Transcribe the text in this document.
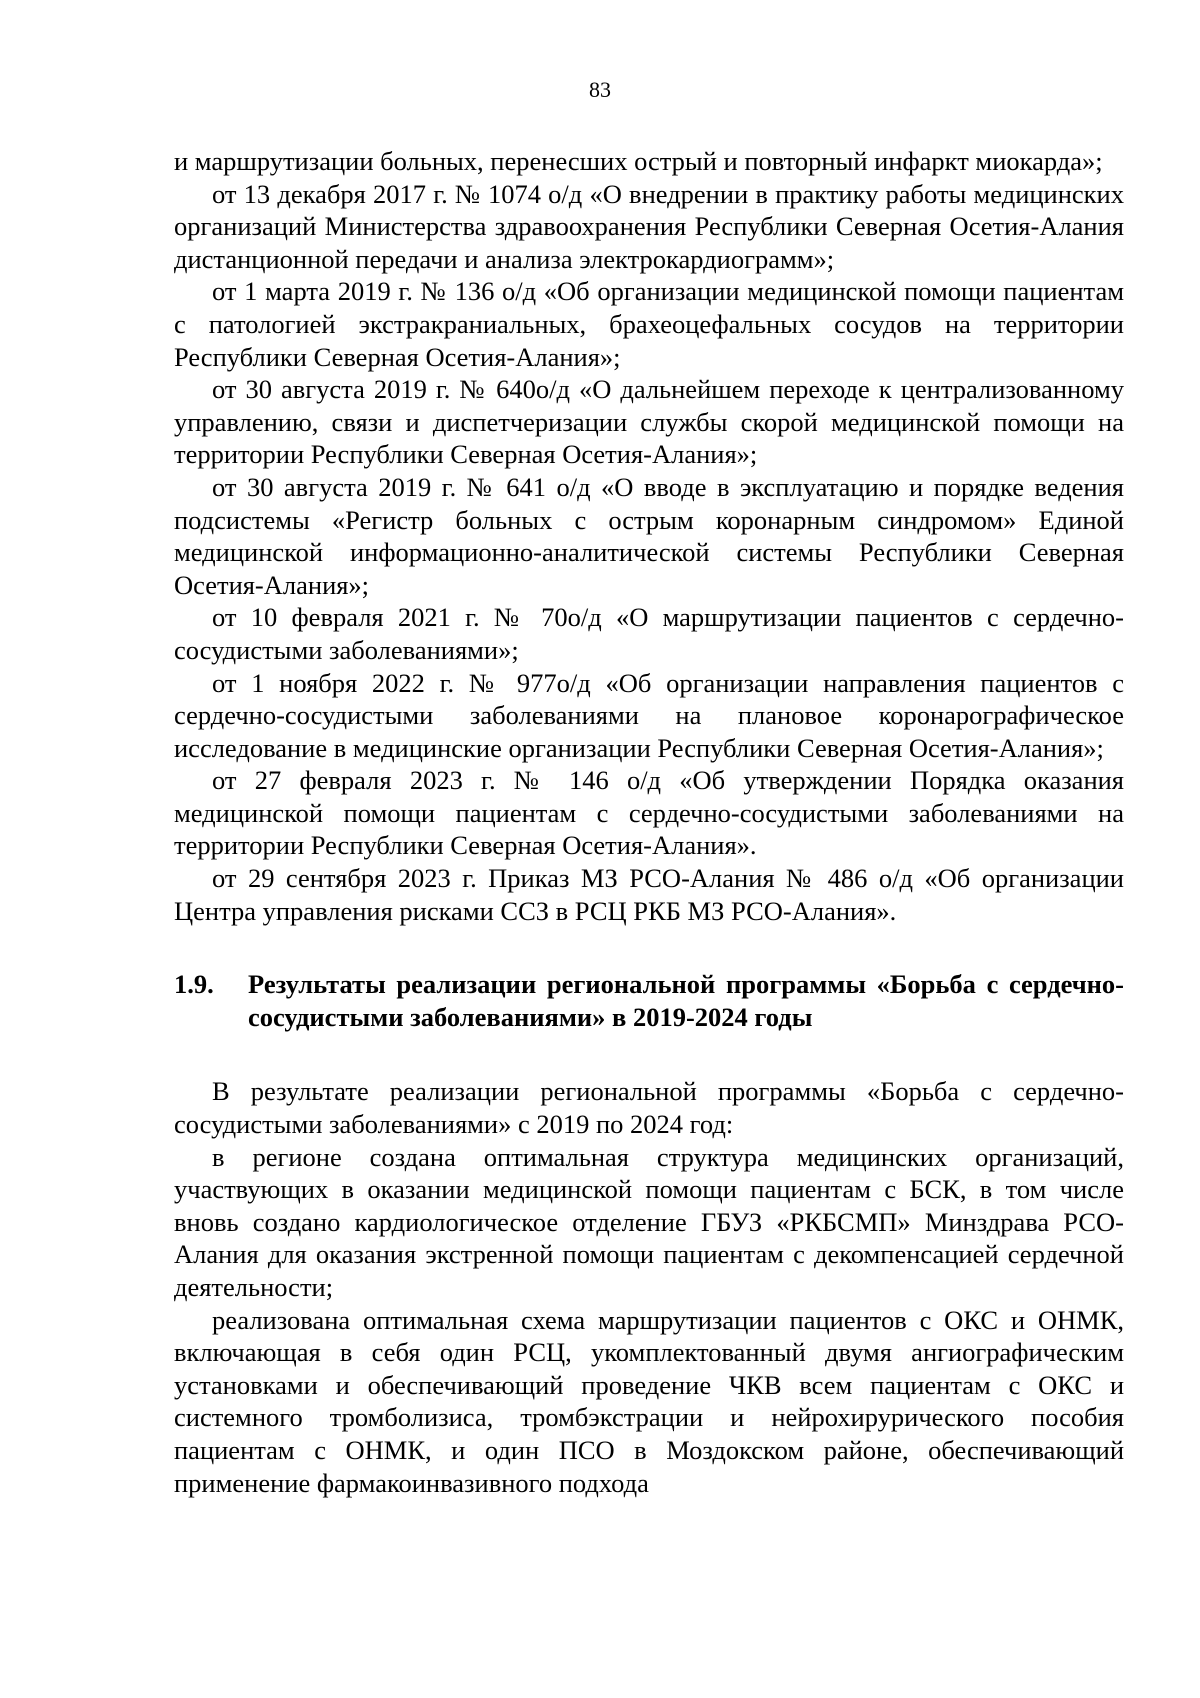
83

и маршрутизации больных, перенесших острый и повторный инфаркт миокарда»;

от 13 декабря 2017 г. № 1074 о/д «О внедрении в практику работы медицинских организаций Министерства здравоохранения Республики Северная Осетия-Алания дистанционной передачи и анализа электрокардиограмм»;

от 1 марта 2019 г. № 136 о/д «Об организации медицинской помощи пациентам с патологией экстракраниальных, брахеоцефальных сосудов на территории Республики Северная Осетия-Алания»;

от 30 августа 2019 г. № 640о/д «О дальнейшем переходе к централизованному управлению, связи и диспетчеризации службы скорой медицинской помощи на территории Республики Северная Осетия-Алания»;

от 30 августа 2019 г. № 641 о/д «О вводе в эксплуатацию и порядке ведения подсистемы «Регистр больных с острым коронарным синдромом» Единой медицинской информационно-аналитической системы Республики Северная Осетия-Алания»;

от 10 февраля 2021 г. № 70о/д «О маршрутизации пациентов с сердечно-сосудистыми заболеваниями»;

от 1 ноября 2022 г. № 977о/д «Об организации направления пациентов с сердечно-сосудистыми заболеваниями на плановое коронарографическое исследование в медицинские организации Республики Северная Осетия-Алания»;

от 27 февраля 2023 г. № 146 о/д «Об утверждении Порядка оказания медицинской помощи пациентам с сердечно-сосудистыми заболеваниями на территории Республики Северная Осетия-Алания».

от 29 сентября 2023 г. Приказ МЗ РСО-Алания № 486 о/д «Об организации Центра управления рисками ССЗ в РСЦ РКБ МЗ РСО-Алания».

1.9.	Результаты реализации региональной программы «Борьба с сердечно-сосудистыми заболеваниями» в 2019-2024 годы

В результате реализации региональной программы «Борьба с сердечно-сосудистыми заболеваниями» с 2019 по 2024 год:

в регионе создана оптимальная структура медицинских организаций, участвующих в оказании медицинской помощи пациентам с БСК, в том числе вновь создано кардиологическое отделение ГБУЗ «РКБСМП» Минздрава РСО-Алания для оказания экстренной помощи пациентам с декомпенсацией сердечной деятельности;

реализована оптимальная схема маршрутизации пациентов с ОКС и ОНМК, включающая в себя один РСЦ, укомплектованный двумя ангиографическим установками и обеспечивающий проведение ЧКВ всем пациентам с ОКС и системного тромболизиса, тромбэкстрации и нейрохирурического пособия пациентам с ОНМК, и один ПСО в Моздокском районе, обеспечивающий применение фармакоинвазивного подхода
